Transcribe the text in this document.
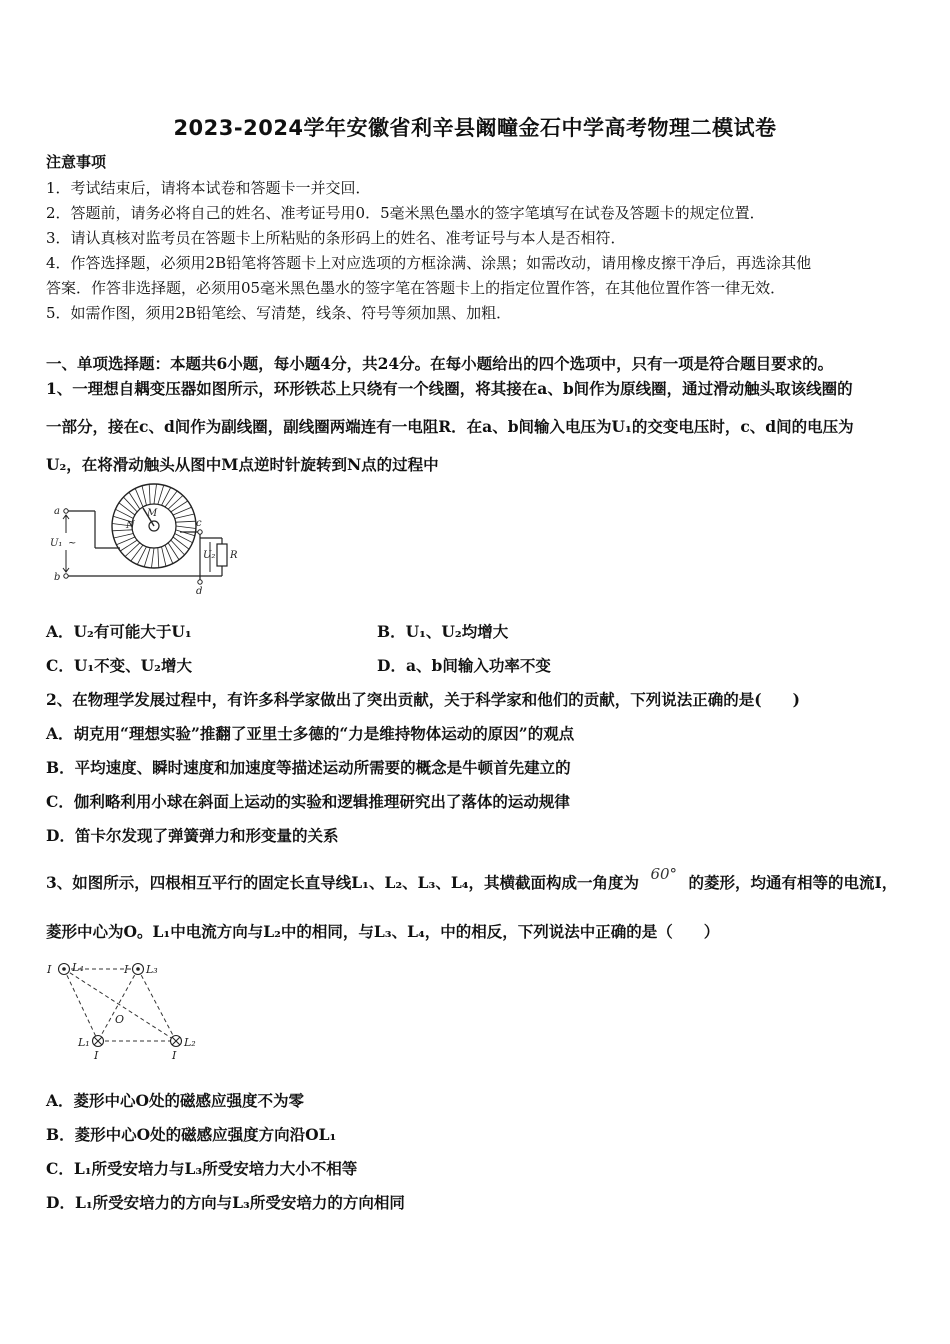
2023-2024学年安徽省利辛县阚疃金石中学高考物理二模试卷
注意事项
1．考试结束后，请将本试卷和答题卡一并交回．
2．答题前，请务必将自己的姓名、准考证号用0．5毫米黑色墨水的签字笔填写在试卷及答题卡的规定位置．
3．请认真核对监考员在答题卡上所粘贴的条形码上的姓名、准考证号与本人是否相符．
4．作答选择题，必须用2B铅笔将答题卡上对应选项的方框涂满、涂黑；如需改动，请用橡皮擦干净后，再选涂其他
答案．作答非选择题，必须用05毫米黑色墨水的签字笔在答题卡上的指定位置作答，在其他位置作答一律无效．
5．如需作图，须用2B铅笔绘、写清楚，线条、符号等须加黑、加粗．
一、单项选择题：本题共6小题，每小题4分，共24分。在每小题给出的四个选项中，只有一项是符合题目要求的。
1、一理想自耦变压器如图所示，环形铁芯上只绕有一个线圈，将其接在a、b间作为原线圈，通过滑动触头取该线圈的
一部分，接在c、d间作为副线圈，副线圈两端连有一电阻R．在a、b间输入电压为U₁的交变电压时，c、d间的电压为
U₂，在将滑动触头从图中M点逆时针旋转到N点的过程中
a
b
c
d
M
N
R
U₁
U₂
~
A．U₂有可能大于U₁	B．U₁、U₂均增大
C．U₁不变、U₂增大	D．a、b间输入功率不变
2、在物理学发展过程中，有许多科学家做出了突出贡献，关于科学家和他们的贡献，下列说法正确的是(　　)
A．胡克用“理想实验”推翻了亚里士多德的“力是维持物体运动的原因”的观点
B．平均速度、瞬时速度和加速度等描述运动所需要的概念是牛顿首先建立的
C．伽利略利用小球在斜面上运动的实验和逻辑推理研究出了落体的运动规律
D．笛卡尔发现了弹簧弹力和形变量的关系
3、如图所示，四根相互平行的固定长直导线L₁、L₂、L₃、L₄，其横截面构成一角度为 60° 的菱形，均通有相等的电流I，
菱形中心为O。L₁中电流方向与L₂中的相同，与L₃、L₄，中的相反，下列说法中正确的是（　　）
I L₄	I L₃
O
L₁	L₂
I	I
A．菱形中心O处的磁感应强度不为零
B．菱形中心O处的磁感应强度方向沿OL₁
C．L₁所受安培力与L₃所受安培力大小不相等
D．L₁所受安培力的方向与L₃所受安培力的方向相同
